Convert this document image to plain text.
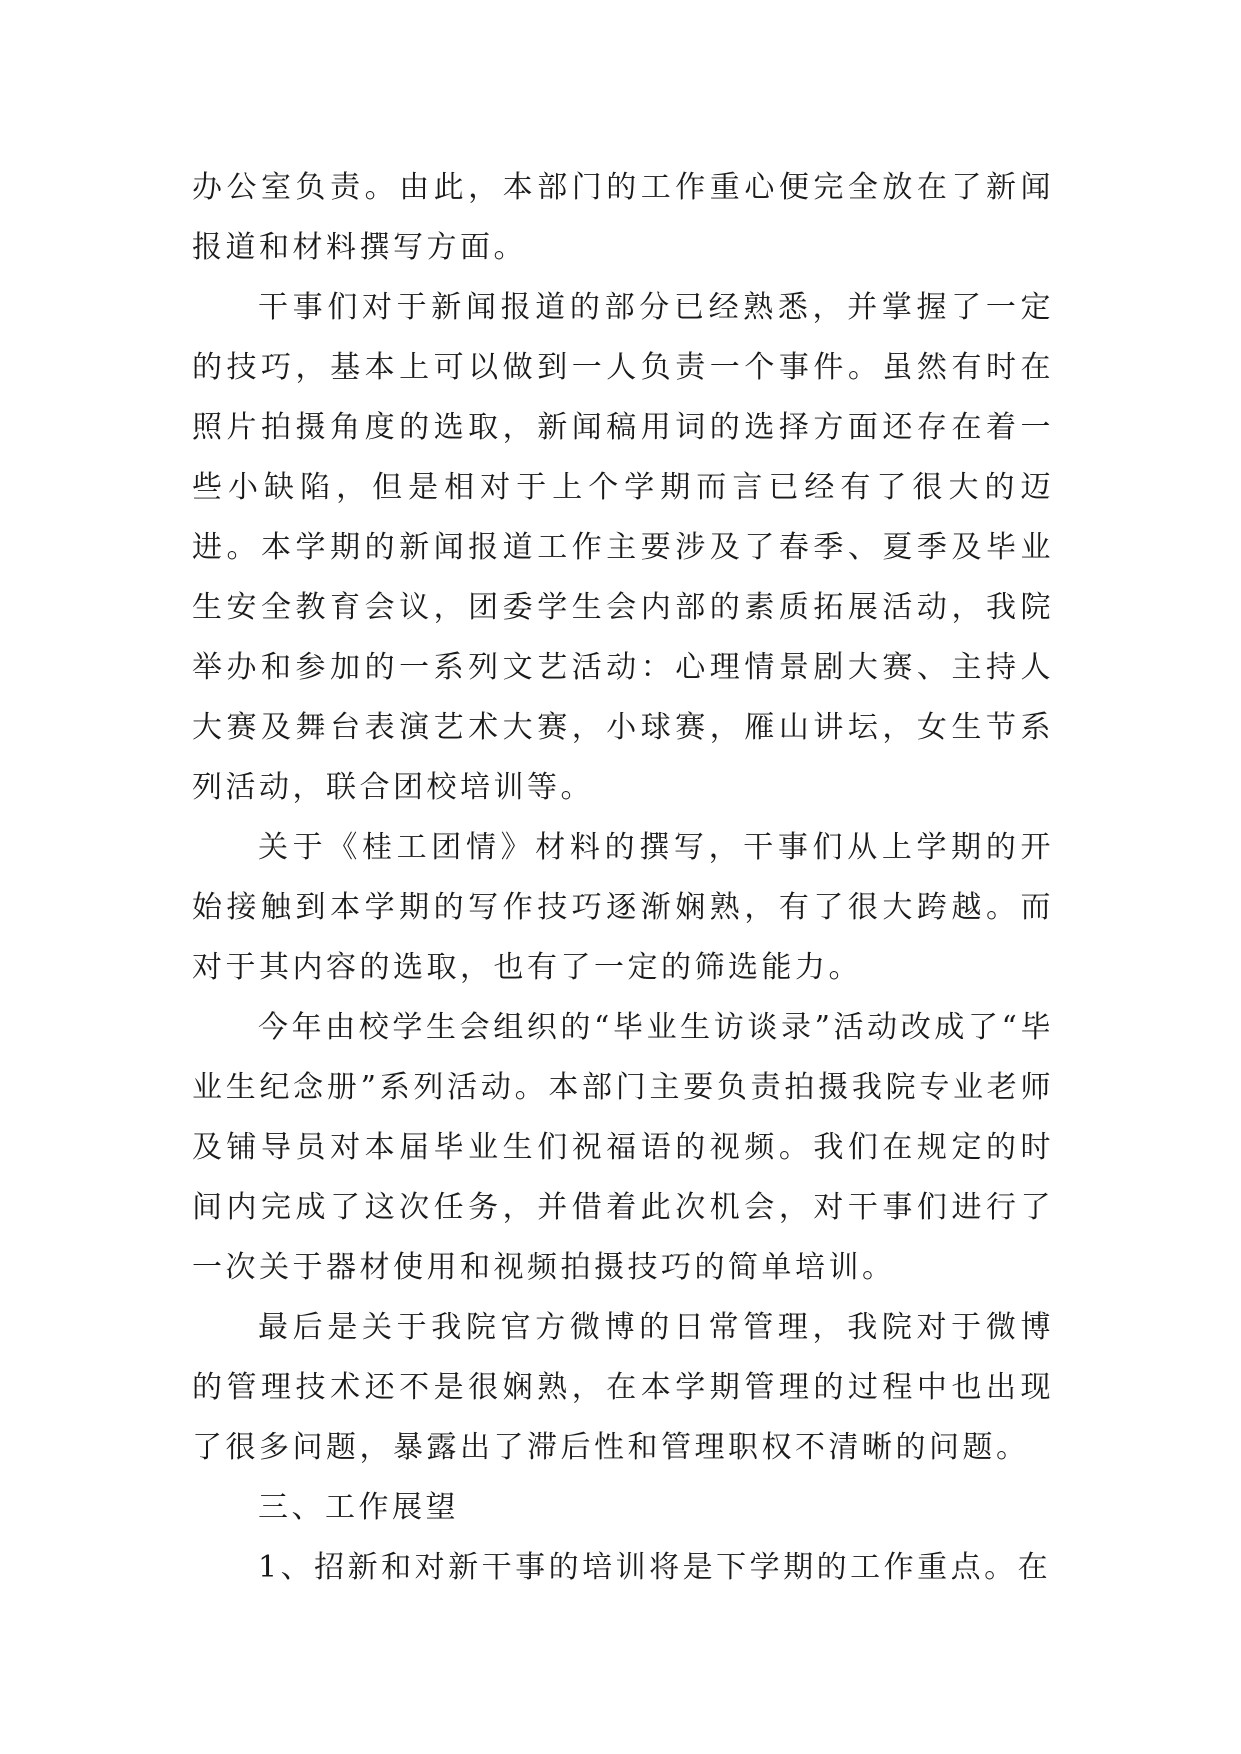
办公室负责。由此，本部门的工作重心便完全放在了新闻报道和材料撰写方面。

干事们对于新闻报道的部分已经熟悉，并掌握了一定的技巧，基本上可以做到一人负责一个事件。虽然有时在照片拍摄角度的选取，新闻稿用词的选择方面还存在着一些小缺陷，但是相对于上个学期而言已经有了很大的迈进。本学期的新闻报道工作主要涉及了春季、夏季及毕业生安全教育会议，团委学生会内部的素质拓展活动，我院举办和参加的一系列文艺活动：心理情景剧大赛、主持人大赛及舞台表演艺术大赛，小球赛，雁山讲坛，女生节系列活动，联合团校培训等。

关于《桂工团情》材料的撰写，干事们从上学期的开始接触到本学期的写作技巧逐渐娴熟，有了很大跨越。而对于其内容的选取，也有了一定的筛选能力。

今年由校学生会组织的“毕业生访谈录”活动改成了“毕业生纪念册”系列活动。本部门主要负责拍摄我院专业老师及铺导员对本届毕业生们祝福语的视频。我们在规定的时间内完成了这次任务，并借着此次机会，对干事们进行了一次关于器材使用和视频拍摄技巧的简单培训。

最后是关于我院官方微博的日常管理，我院对于微博的管理技术还不是很娴熟，在本学期管理的过程中也出现了很多问题，暴露出了滞后性和管理职权不清晰的问题。

三、工作展望

1、招新和对新干事的培训将是下学期的工作重点。在
